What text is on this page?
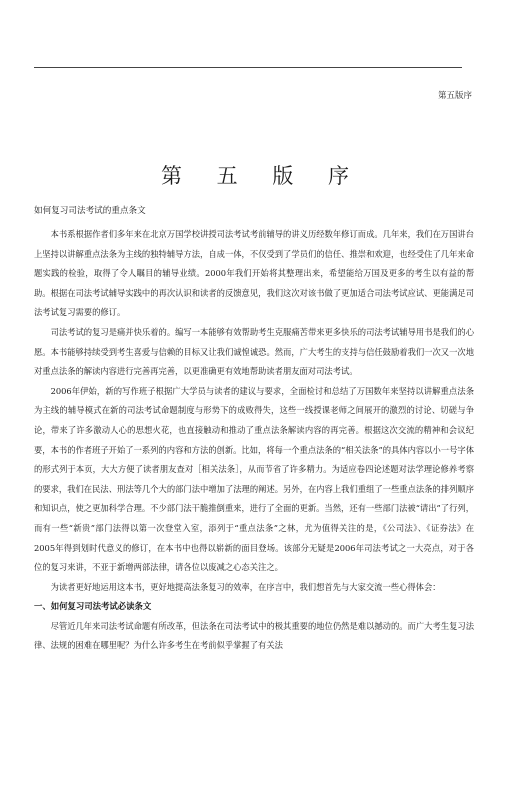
第五版序
第 五 版 序
如何复习司法考试的重点条文

本书系根据作者们多年来在北京万国学校讲授司法考试考前辅导的讲义历经数年修订而成。几年来，我们在万国讲台上坚持以讲解重点法条为主线的独特辅导方法，自成一体，不仅受到了学员们的信任、推崇和欢迎，也经受住了几年来命题实践的检验，取得了令人瞩目的辅导业绩。2000年我们开始将其整理出来，希望能给万国及更多的考生以有益的帮助。根据在司法考试辅导实践中的再次认识和读者的反馈意见，我们这次对该书做了更加适合司法考试应试、更能满足司法考试复习需要的修订。

司法考试的复习是痛并快乐着的。编写一本能够有效帮助考生克服痛苦带来更多快乐的司法考试辅导用书是我们的心愿。本书能够持续受到考生喜爱与信赖的目标又让我们诚惶诚恐。然而，广大考生的支持与信任鼓励着我们一次又一次地对重点法条的解读内容进行完善再完善，以更准确更有效地帮助读者朋友面对司法考试。

2006年伊始，新的写作班子根据广大学员与读者的建议与要求，全面检讨和总结了万国数年来坚持以讲解重点法条为主线的辅导模式在新的司法考试命题制度与形势下的成败得失，这些一线授课老师之间展开的激烈的讨论、切磋与争论，带来了许多激动人心的思想火花，也直接触动和推动了重点法条解读内容的再完善。根据这次交流的精神和会议纪要，本书的作者班子开始了一系列的内容和方法的创新。比如，将每一个重点法条的“相关法条”的具体内容以小一号字体的形式列于本页，大大方便了读者朋友查对［相关法条］，从而节省了许多精力。为适应卷四论述题对法学理论修养考察的要求，我们在民法、刑法等几个大的部门法中增加了法理的阐述。另外，在内容上我们重组了一些重点法条的排列顺序和知识点，使之更加科学合理。不少部门法干脆推倒重来，进行了全面的更新。当然，还有一些部门法被“请出”了行列，而有一些“新贵”部门法得以第一次登堂入室，添列于“重点法条”之林，尤为值得关注的是，《公司法》、《证券法》在2005年得到划时代意义的修订，在本书中也得以崭新的面目登场。该部分无疑是2006年司法考试之一大亮点，对于各位的复习来讲，不亚于新增两部法律，请各位以废减之心态关注之。

为读者更好地运用这本书，更好地提高法条复习的效率，在序言中，我们想首先与大家交流一些心得体会：

一、如何复习司法考试必读条文

尽管近几年来司法考试命题有所改革，但法条在司法考试中的极其重要的地位仍然是难以撼动的。而广大考生复习法律、法规的困难在哪里呢？为什么许多考生在考前似乎掌握了有关法
